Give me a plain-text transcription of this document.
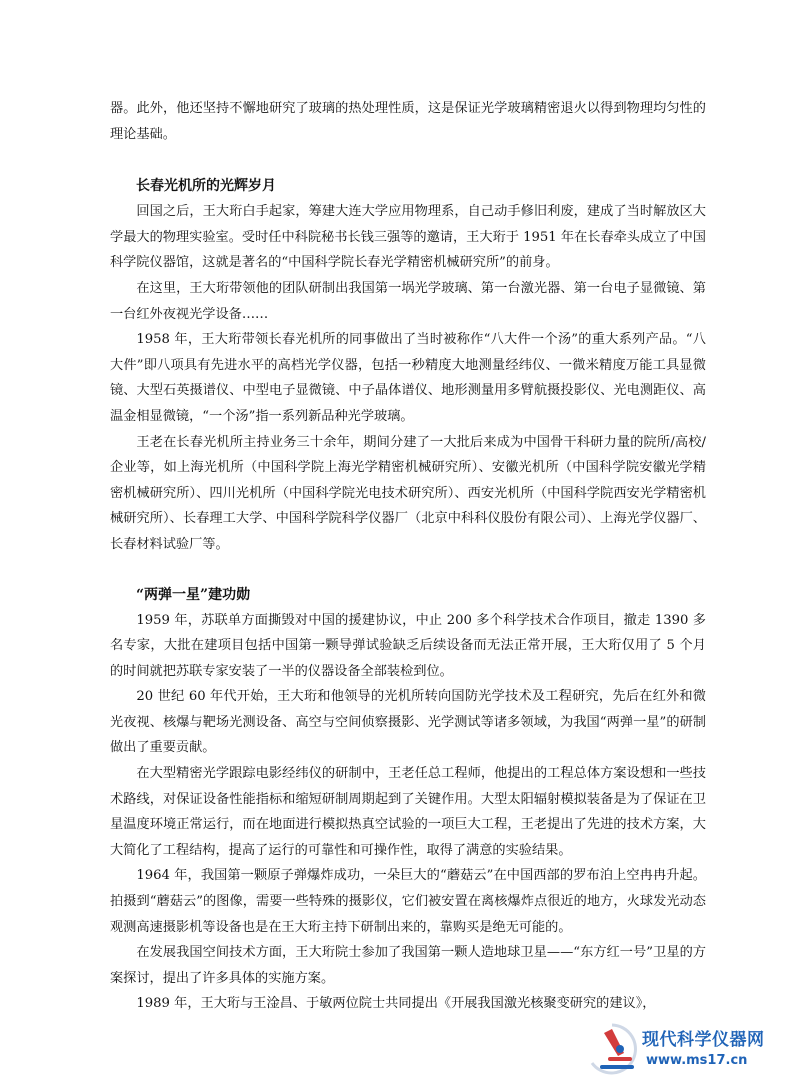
器。此外，他还坚持不懈地研究了玻璃的热处理性质，这是保证光学玻璃精密退火以得到物理均匀性的理论基础。

长春光机所的光辉岁月

回国之后，王大珩白手起家，筹建大连大学应用物理系，自己动手修旧利废，建成了当时解放区大学最大的物理实验室。受时任中科院秘书长钱三强等的邀请，王大珩于 1951 年在长春牵头成立了中国科学院仪器馆，这就是著名的“中国科学院长春光学精密机械研究所”的前身。

在这里，王大珩带领他的团队研制出我国第一埚光学玻璃、第一台激光器、第一台电子显微镜、第一台红外夜视光学设备……

1958 年，王大珩带领长春光机所的同事做出了当时被称作“八大件一个汤”的重大系列产品。“八大件”即八项具有先进水平的高档光学仪器，包括一秒精度大地测量经纬仪、一微米精度万能工具显微镜、大型石英摄谱仪、中型电子显微镜、中子晶体谱仪、地形测量用多臂航摄投影仪、光电测距仪、高温金相显微镜，“一个汤”指一系列新品种光学玻璃。

王老在长春光机所主持业务三十余年，期间分建了一大批后来成为中国骨干科研力量的院所/高校/企业等，如上海光机所（中国科学院上海光学精密机械研究所）、安徽光机所（中国科学院安徽光学精密机械研究所）、四川光机所（中国科学院光电技术研究所）、西安光机所（中国科学院西安光学精密机械研究所）、长春理工大学、中国科学院科学仪器厂（北京中科科仪股份有限公司）、上海光学仪器厂、长春材料试验厂等。

“两弹一星”建功勋

1959 年，苏联单方面撕毁对中国的援建协议，中止 200 多个科学技术合作项目，撤走 1390 多名专家，大批在建项目包括中国第一颗导弹试验缺乏后续设备而无法正常开展，王大珩仅用了 5 个月的时间就把苏联专家安装了一半的仪器设备全部装检到位。

20 世纪 60 年代开始，王大珩和他领导的光机所转向国防光学技术及工程研究，先后在红外和微光夜视、核爆与靶场光测设备、高空与空间侦察摄影、光学测试等诸多领域，为我国“两弹一星”的研制做出了重要贡献。

在大型精密光学跟踪电影经纬仪的研制中，王老任总工程师，他提出的工程总体方案设想和一些技术路线，对保证设备性能指标和缩短研制周期起到了关键作用。大型太阳辐射模拟装备是为了保证在卫星温度环境正常运行，而在地面进行模拟热真空试验的一项巨大工程，王老提出了先进的技术方案，大大简化了工程结构，提高了运行的可靠性和可操作性，取得了满意的实验结果。

1964 年，我国第一颗原子弹爆炸成功，一朵巨大的“蘑菇云”在中国西部的罗布泊上空冉冉升起。拍摄到“蘑菇云”的图像，需要一些特殊的摄影仪，它们被安置在离核爆炸点很近的地方，火球发光动态观测高速摄影机等设备也是在王大珩主持下研制出来的，靠购买是绝无可能的。

在发展我国空间技术方面，王大珩院士参加了我国第一颗人造地球卫星——“东方红一号”卫星的方案探讨，提出了许多具体的实施方案。

1989 年，王大珩与王淦昌、于敏两位院士共同提出《开展我国激光核聚变研究的建议》，

现代科学仪器网
www.ms17.cn
